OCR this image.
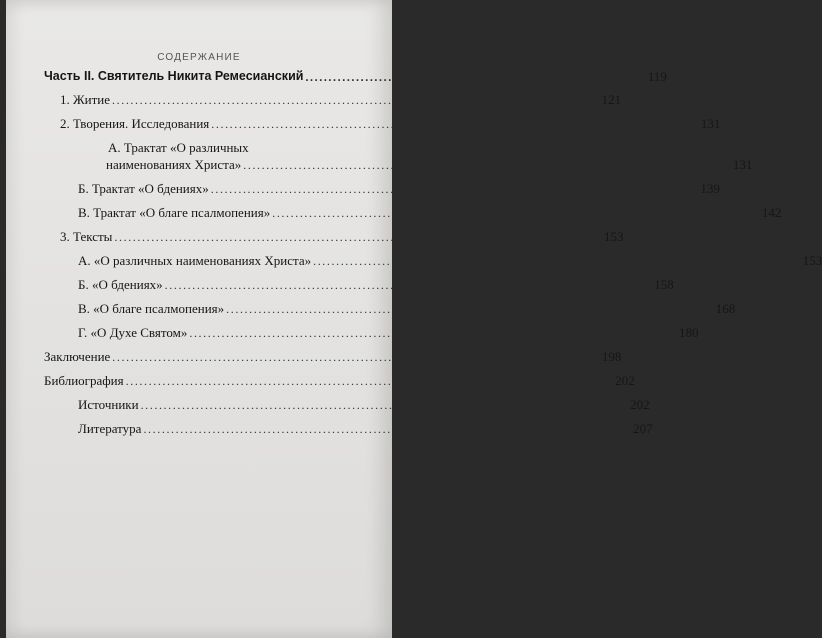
СОДЕРЖАНИЕ
Часть II. Святитель Никита Ремесианский .......................................................................... 119
1. Житие .......................................................................................................... 121
2. Творения. Исследования .......................................................................................................... 131
А. Трактат «О различных
наименованиях Христа» .......................................................................................................... 131
Б. Трактат «О бдениях» .......................................................................................................... 139
В. Трактат «О благе псалмопения» .......................................................................................................... 142
3. Тексты .......................................................................................................... 153
А. «О различных наименованиях Христа» .......................................................................................................... 153
Б. «О бдениях» .......................................................................................................... 158
В. «О благе псалмопения» .......................................................................................................... 168
Г. «О Духе Святом» .......................................................................................................... 180
Заключение .......................................................................................................... 198
Библиография .......................................................................................................... 202
Источники .......................................................................................................... 202
Литература .......................................................................................................... 207
